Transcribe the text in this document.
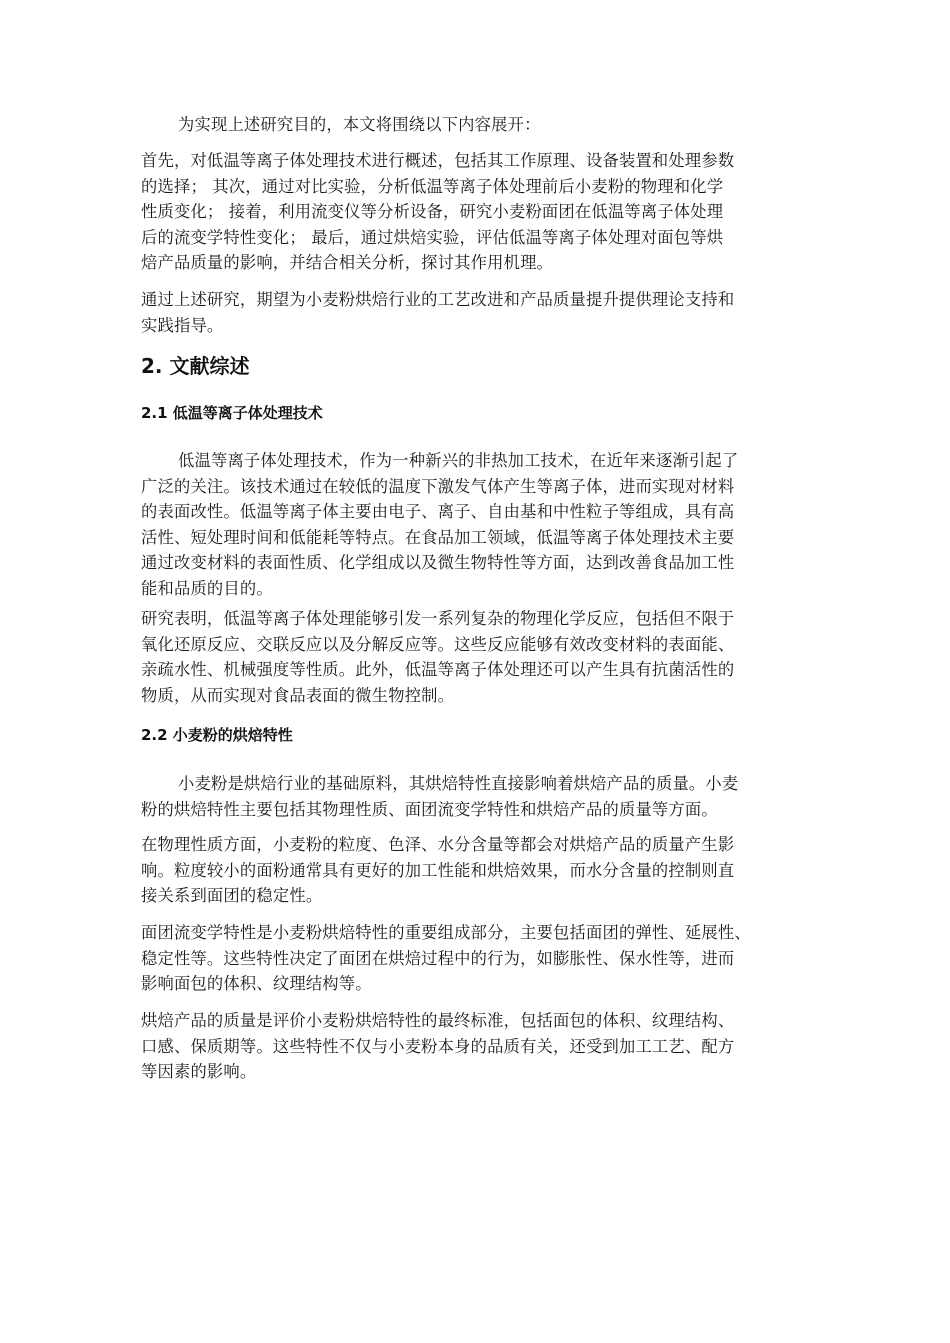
为实现上述研究目的，本文将围绕以下内容展开：
首先，对低温等离子体处理技术进行概述，包括其工作原理、设备装置和处理参数
的选择； 其次，通过对比实验，分析低温等离子体处理前后小麦粉的物理和化学
性质变化； 接着，利用流变仪等分析设备，研究小麦粉面团在低温等离子体处理
后的流变学特性变化； 最后，通过烘焙实验，评估低温等离子体处理对面包等烘
焙产品质量的影响，并结合相关分析，探讨其作用机理。
通过上述研究，期望为小麦粉烘焙行业的工艺改进和产品质量提升提供理论支持和
实践指导。
2. 文献综述
2.1 低温等离子体处理技术
低温等离子体处理技术，作为一种新兴的非热加工技术，在近年来逐渐引起了
广泛的关注。该技术通过在较低的温度下激发气体产生等离子体，进而实现对材料
的表面改性。低温等离子体主要由电子、离子、自由基和中性粒子等组成，具有高
活性、短处理时间和低能耗等特点。在食品加工领域，低温等离子体处理技术主要
通过改变材料的表面性质、化学组成以及微生物特性等方面，达到改善食品加工性
能和品质的目的。
研究表明，低温等离子体处理能够引发一系列复杂的物理化学反应，包括但不限于
氧化还原反应、交联反应以及分解反应等。这些反应能够有效改变材料的表面能、
亲疏水性、机械强度等性质。此外，低温等离子体处理还可以产生具有抗菌活性的
物质，从而实现对食品表面的微生物控制。
2.2 小麦粉的烘焙特性
小麦粉是烘焙行业的基础原料，其烘焙特性直接影响着烘焙产品的质量。小麦
粉的烘焙特性主要包括其物理性质、面团流变学特性和烘焙产品的质量等方面。
在物理性质方面，小麦粉的粒度、色泽、水分含量等都会对烘焙产品的质量产生影
响。粒度较小的面粉通常具有更好的加工性能和烘焙效果，而水分含量的控制则直
接关系到面团的稳定性。
面团流变学特性是小麦粉烘焙特性的重要组成部分，主要包括面团的弹性、延展性、
稳定性等。这些特性决定了面团在烘焙过程中的行为，如膨胀性、保水性等，进而
影响面包的体积、纹理结构等。
烘焙产品的质量是评价小麦粉烘焙特性的最终标准，包括面包的体积、纹理结构、
口感、保质期等。这些特性不仅与小麦粉本身的品质有关，还受到加工工艺、配方
等因素的影响。
